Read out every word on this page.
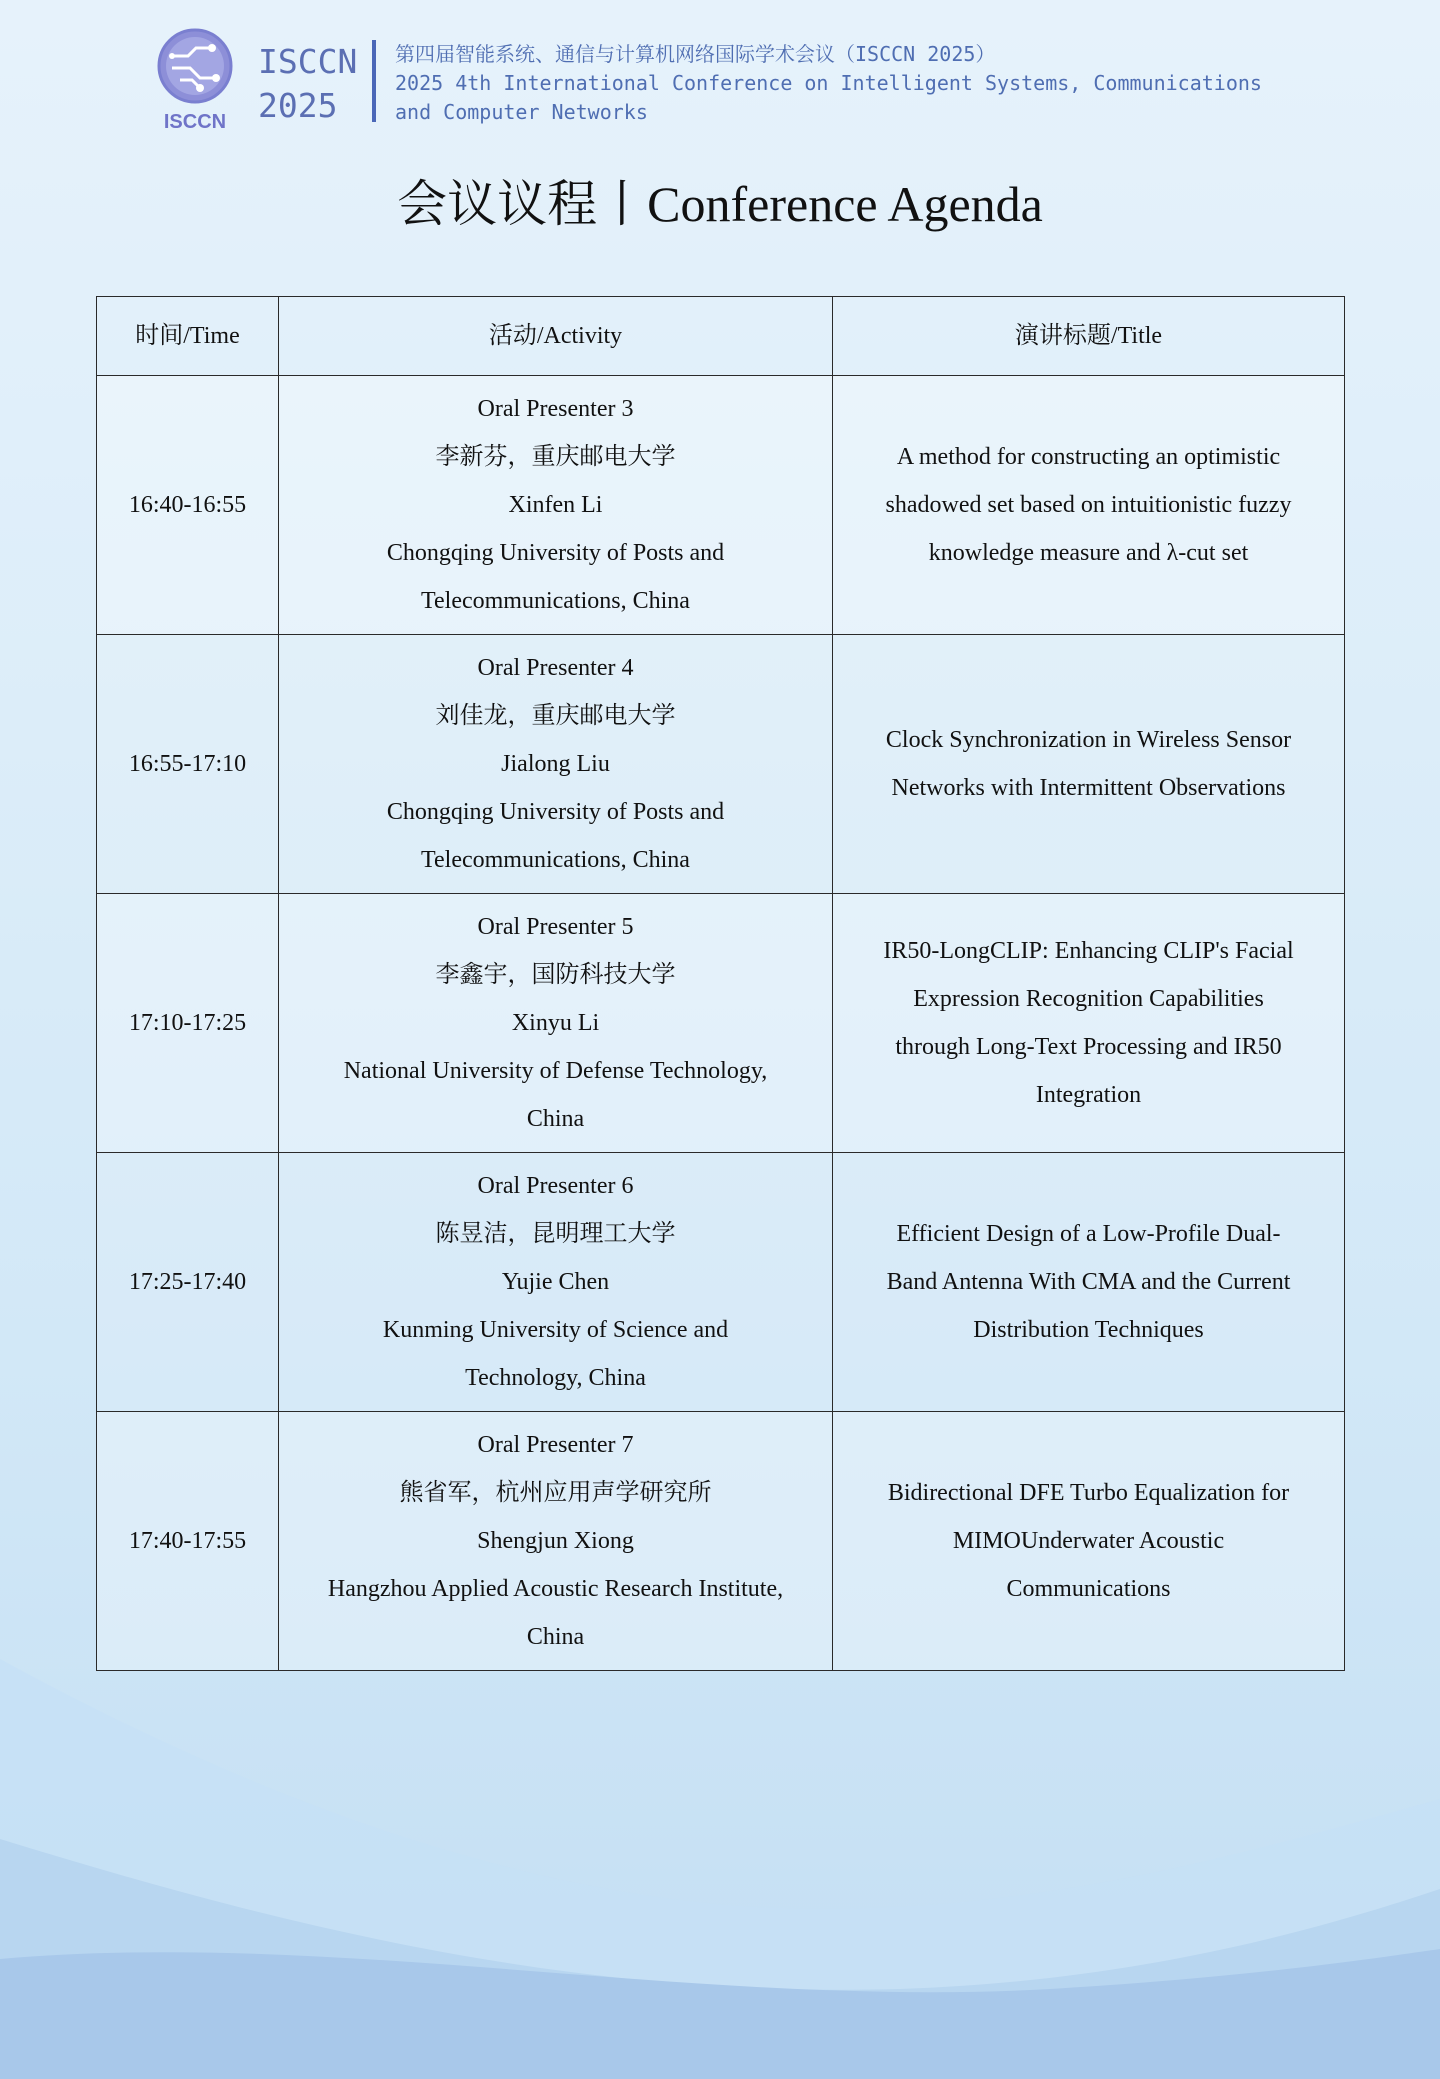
ISCCN
ISCCN
2025
第四届智能系统、通信与计算机网络国际学术会议（ISCCN 2025）
2025 4th International Conference on Intelligent Systems, Communications
and Computer Networks
会议议程丨Conference Agenda
时间/Time	活动/Activity	演讲标题/Title
16:40-16:55	Oral Presenter 3
李新芬，重庆邮电大学
Xinfen Li
Chongqing University of Posts and
Telecommunications, China	A method for constructing an optimistic
shadowed set based on intuitionistic fuzzy
knowledge measure and λ-cut set

16:55-17:10	Oral Presenter 4
刘佳龙，重庆邮电大学
Jialong Liu
Chongqing University of Posts and
Telecommunications, China	Clock Synchronization in Wireless Sensor
Networks with Intermittent Observations

17:10-17:25	Oral Presenter 5
李鑫宇，国防科技大学
Xinyu Li
National University of Defense Technology,
China	IR50-LongCLIP: Enhancing CLIP's Facial
Expression Recognition Capabilities
through Long-Text Processing and IR50
Integration

17:25-17:40	Oral Presenter 6
陈昱洁，昆明理工大学
Yujie Chen
Kunming University of Science and
Technology, China	Efficient Design of a Low-Profile Dual-
Band Antenna With CMA and the Current
Distribution Techniques

17:40-17:55	Oral Presenter 7
熊省军，杭州应用声学研究所
Shengjun Xiong
Hangzhou Applied Acoustic Research Institute,
China	Bidirectional DFE Turbo Equalization for
MIMOUnderwater Acoustic
Communications
